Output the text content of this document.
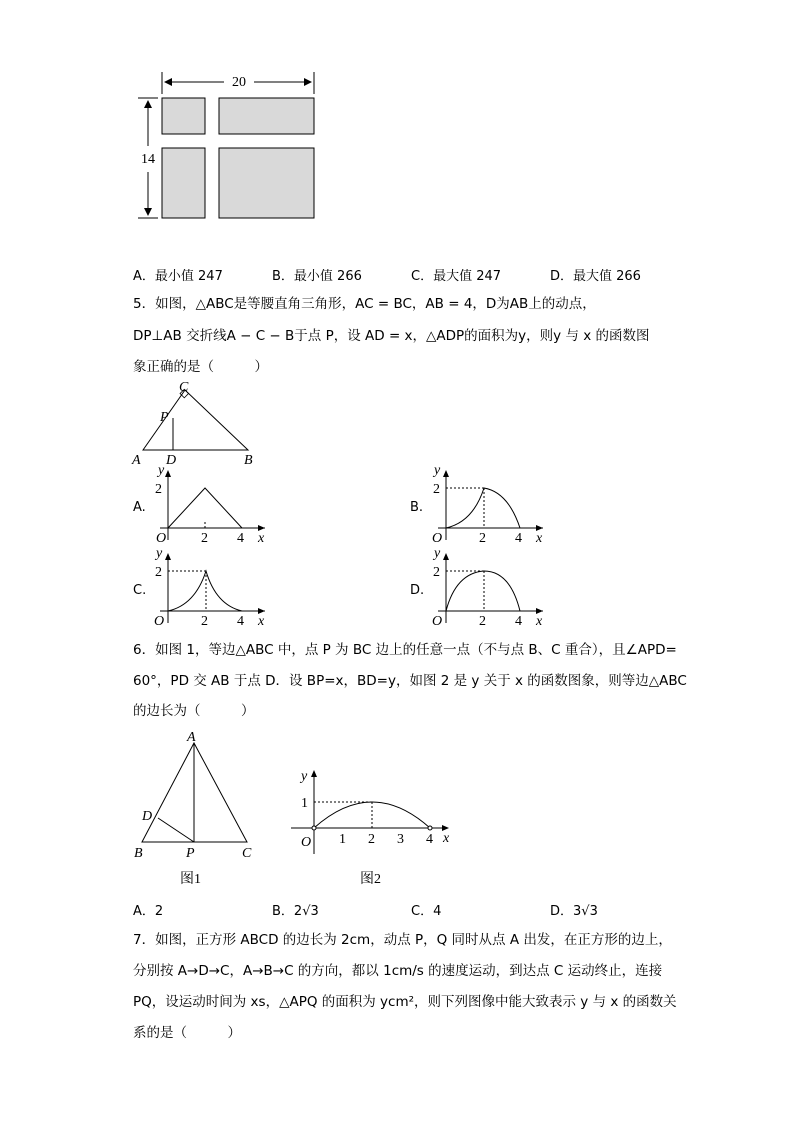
20
14
A．最小值 247	B．最小值 266	C．最大值 247	D．最大值 266
5．如图，△ABC是等腰直角三角形，AC = BC，AB = 4，D为AB上的动点，
DP⊥AB 交折线A − C − B于点 P，设 AD = x，△ADP的面积为y，则y 与 x 的函数图
象正确的是（　　　）
A D	B
C
P
A.	B.
C.	D.
y
2
O 2 4 x
y
2
O	2 4 x
y
2
O	2 4 x
y
2
O	2 4 x
6．如图 1，等边△ABC 中，点 P 为 BC 边上的任意一点（不与点 B、C 重合），且∠APD=
60°，PD 交 AB 于点 D．设 BP=x，BD=y，如图 2 是 y 关于 x 的函数图象，则等边△ABC
的边长为（　　　）
A
D
B	P	C
图1
y
1
O 1 2 3 4 x
图2
A．2	B．2√3	C．4	D．3√3
7．如图，正方形 ABCD 的边长为 2cm，动点 P，Q 同时从点 A 出发，在正方形的边上，
分别按 A→D→C，A→B→C 的方向，都以 1cm/s 的速度运动，到达点 C 运动终止，连接
PQ，设运动时间为 xs，△APQ 的面积为 ycm²，则下列图像中能大致表示 y 与 x 的函数关
系的是（　　　）
